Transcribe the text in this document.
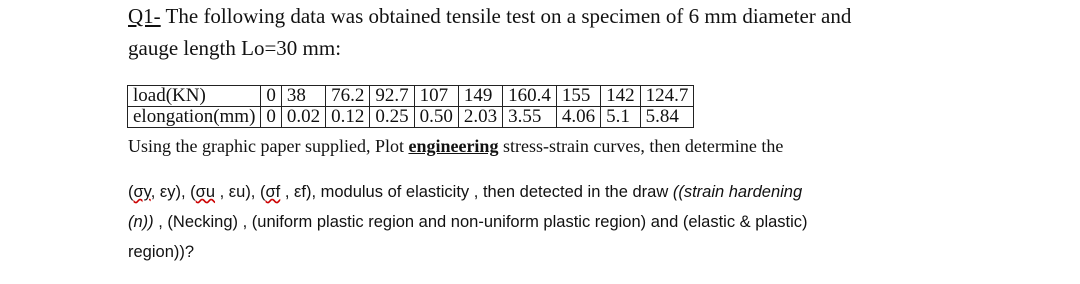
Q1- The following data was obtained tensile test on a specimen of 6 mm diameter and
gauge length Lo=30 mm:
load(KN)	0	38	76.2	92.7	107	149	160.4	155	142	124.7
elongation(mm)	0	0.02	0.12	0.25	0.50	2.03	3.55	4.06	5.1	5.84
Using the graphic paper supplied, Plot engineering stress-strain curves, then determine the
(σy, εy), (σu , εu), (σf , εf), modulus of elasticity , then detected in the draw ((strain hardening
(n)) , (Necking) , (uniform plastic region and non-uniform plastic region) and (elastic & plastic)
region))?
